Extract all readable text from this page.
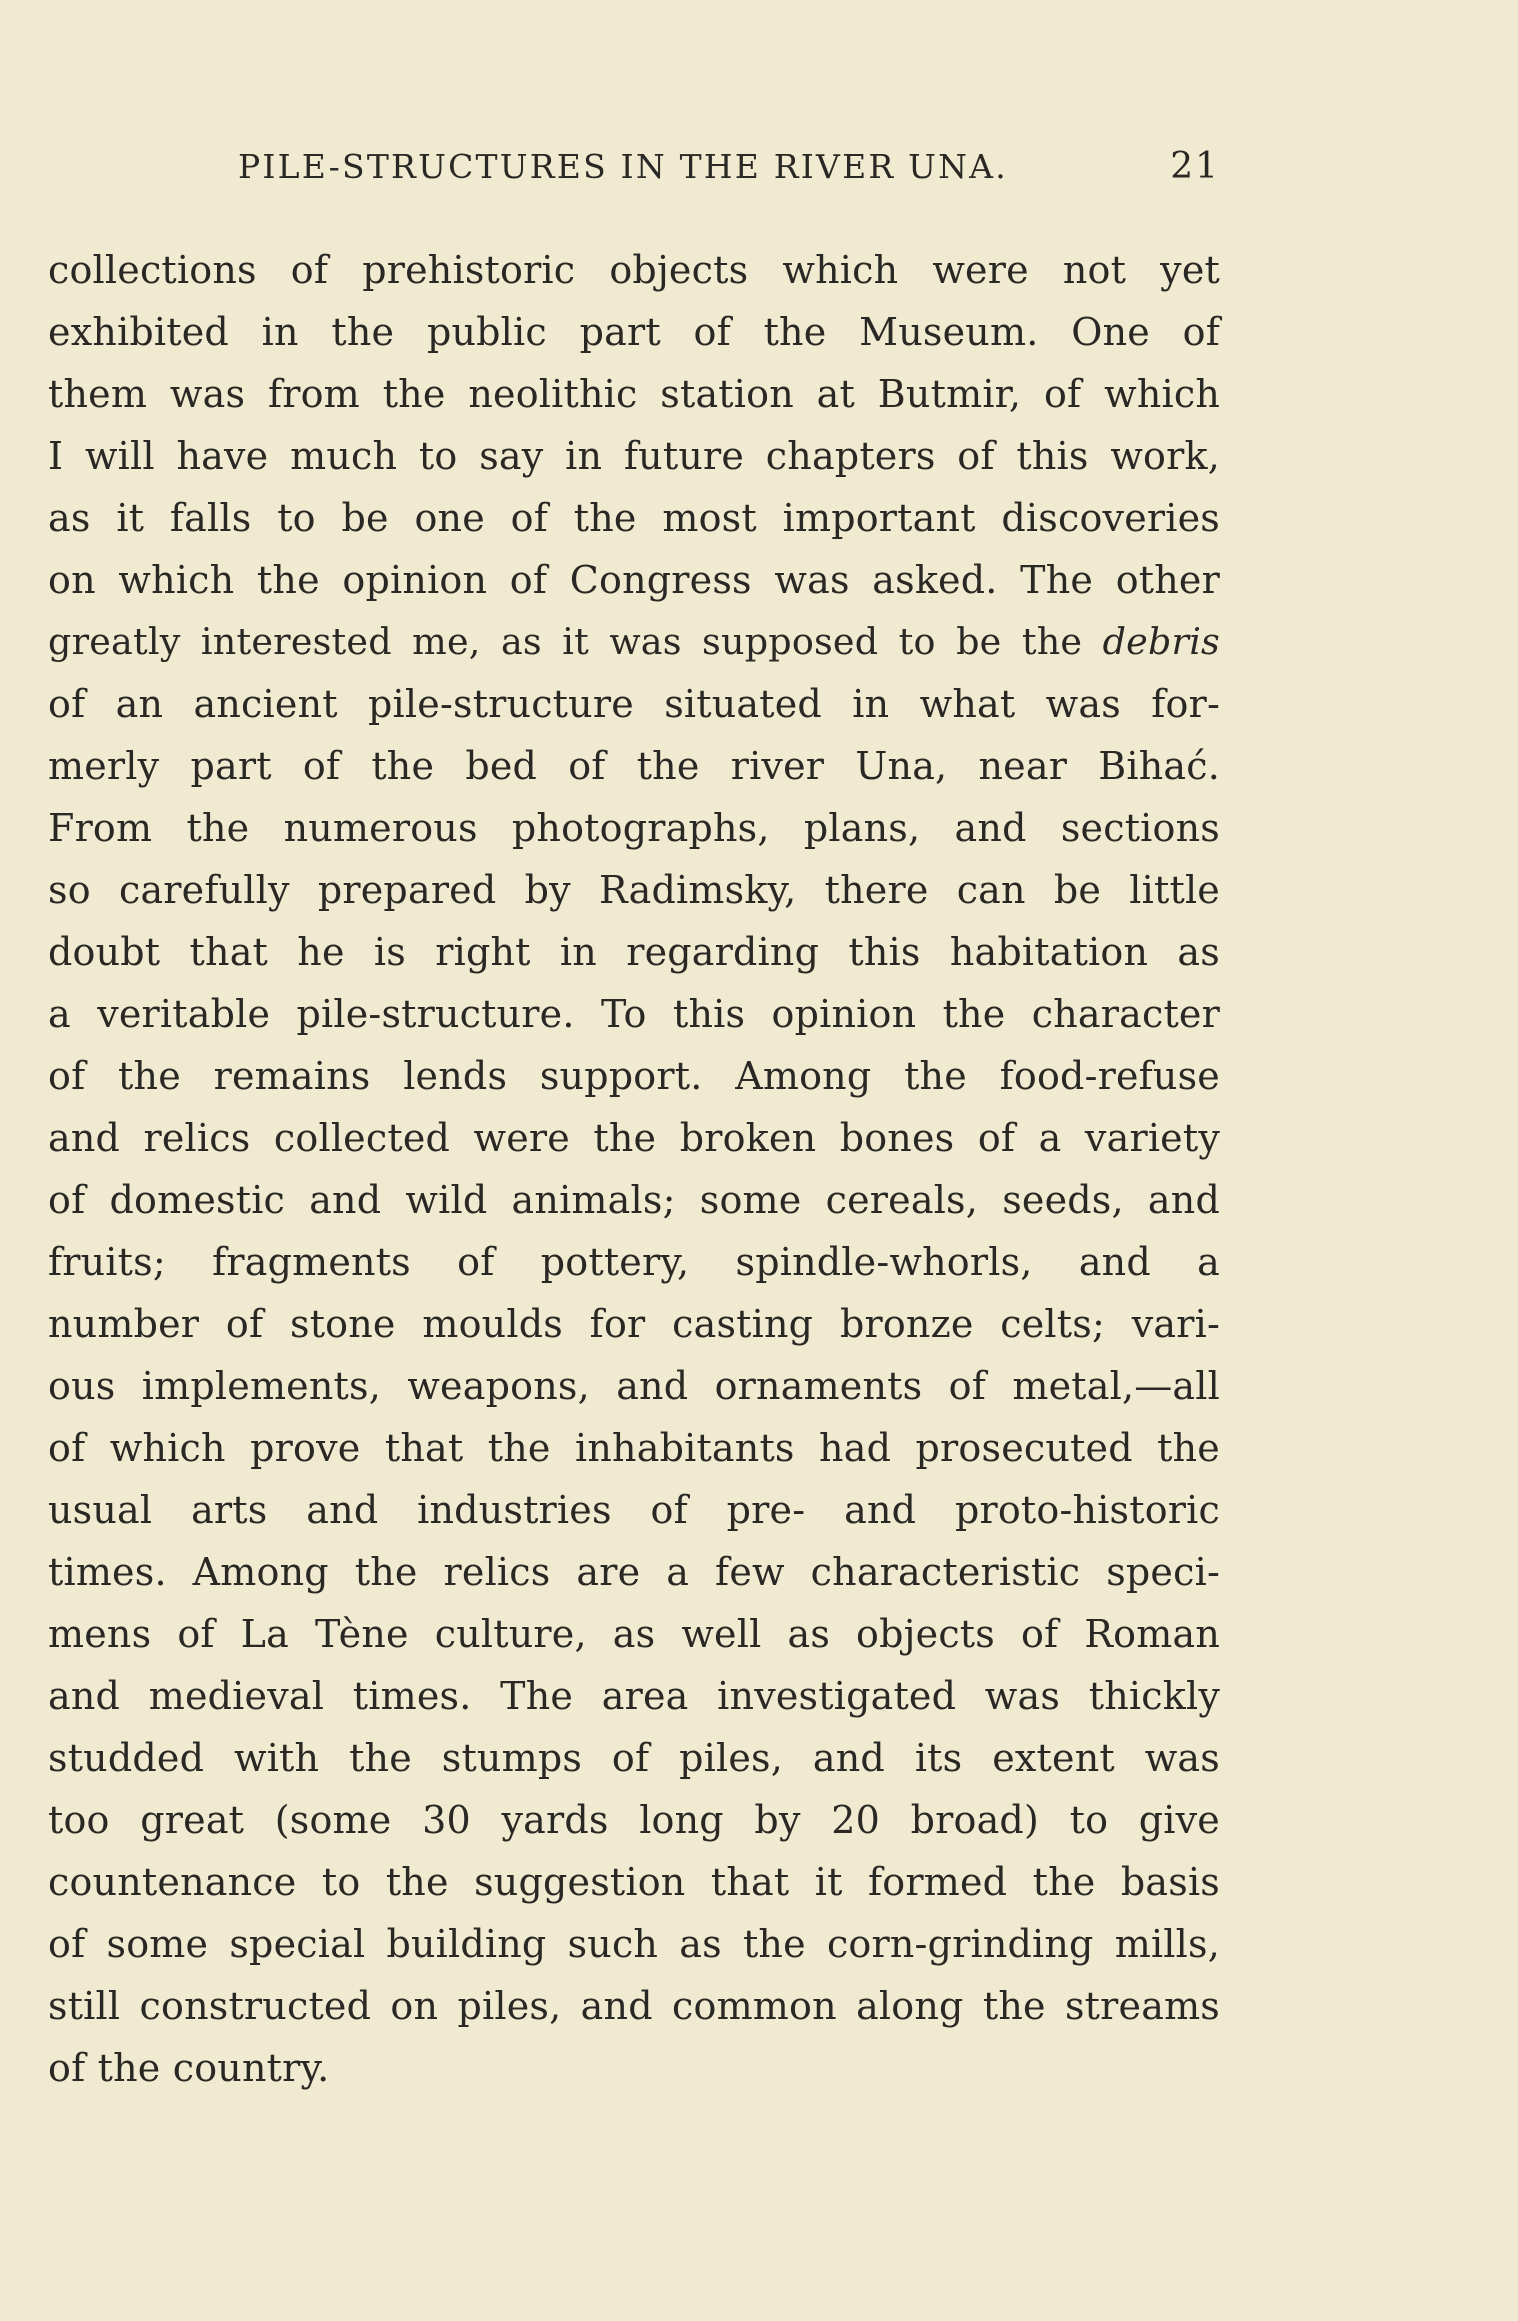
PILE-STRUCTURES IN THE RIVER UNA.	21
collections of prehistoric objects which were not yet
exhibited in the public part of the Museum. One of
them was from the neolithic station at Butmir, of which
I will have much to say in future chapters of this work,
as it falls to be one of the most important discoveries
on which the opinion of Congress was asked. The other
greatly interested me, as it was supposed to be the debris
of an ancient pile-structure situated in what was for-
merly part of the bed of the river Una, near Bihać.
From the numerous photographs, plans, and sections
so carefully prepared by Radimsky, there can be little
doubt that he is right in regarding this habitation as
a veritable pile-structure. To this opinion the character
of the remains lends support. Among the food-refuse
and relics collected were the broken bones of a variety
of domestic and wild animals; some cereals, seeds, and
fruits; fragments of pottery, spindle-whorls, and a
number of stone moulds for casting bronze celts; vari-
ous implements, weapons, and ornaments of metal,—all
of which prove that the inhabitants had prosecuted the
usual arts and industries of pre- and proto-historic
times. Among the relics are a few characteristic speci-
mens of La Tène culture, as well as objects of Roman
and medieval times. The area investigated was thickly
studded with the stumps of piles, and its extent was
too great (some 30 yards long by 20 broad) to give
countenance to the suggestion that it formed the basis
of some special building such as the corn-grinding mills,
still constructed on piles, and common along the streams
of the country.
